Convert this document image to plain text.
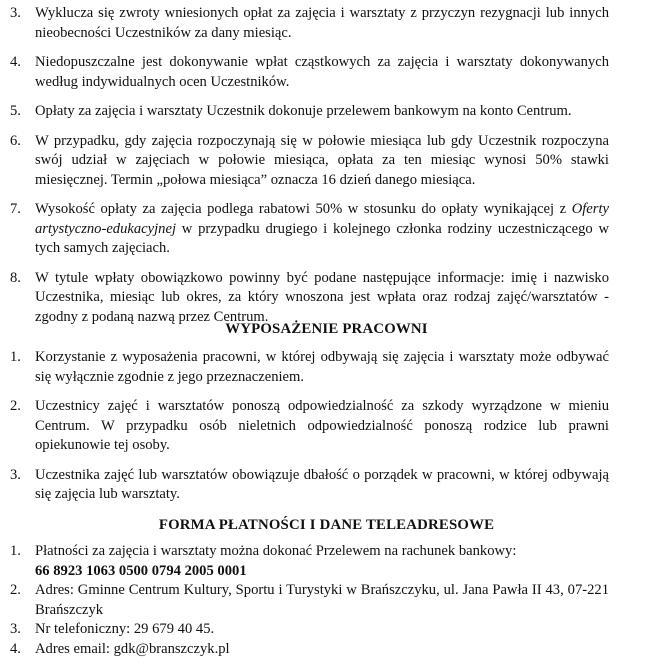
3. Wyklucza się zwroty wniesionych opłat za zajęcia i warsztaty z przyczyn rezygnacji lub innych nieobecności Uczestników za dany miesiąc.
4. Niedopuszczalne jest dokonywanie wpłat cząstkowych za zajęcia i warsztaty dokonywanych według indywidualnych ocen Uczestników.
5. Opłaty za zajęcia i warsztaty Uczestnik dokonuje przelewem bankowym na konto Centrum.
6. W przypadku, gdy zajęcia rozpoczynają się w połowie miesiąca lub gdy Uczestnik rozpoczyna swój udział w zajęciach w połowie miesiąca, opłata za ten miesiąc wynosi 50% stawki miesięcznej. Termin „połowa miesiąca” oznacza 16 dzień danego miesiąca.
7. Wysokość opłaty za zajęcia podlega rabatowi 50% w stosunku do opłaty wynikającej z Oferty artystyczno-edukacyjnej w przypadku drugiego i kolejnego członka rodziny uczestniczącego w tych samych zajęciach.
8. W tytule wpłaty obowiązkowo powinny być podane następujące informacje: imię i nazwisko Uczestnika, miesiąc lub okres, za który wnoszona jest wpłata oraz rodzaj zajęć/warsztatów - zgodny z podaną nazwą przez Centrum.
WYPOSAŻENIE PRACOWNI
1. Korzystanie z wyposażenia pracowni, w której odbywają się zajęcia i warsztaty może odbywać się wyłącznie zgodnie z jego przeznaczeniem.
2. Uczestnicy zajęć i warsztatów ponoszą odpowiedzialność za szkody wyrządzone w mieniu Centrum. W przypadku osób nieletnich odpowiedzialność ponoszą rodzice lub prawni opiekunowie tej osoby.
3. Uczestnika zajęć lub warsztatów obowiązuje dbałość o porządek w pracowni, w której odbywają się zajęcia lub warsztaty.
FORMA PŁATNOŚCI I DANE TELEADRESOWE
1. Płatności za zajęcia i warsztaty można dokonać Przelewem na rachunek bankowy:
66 8923 1063 0500 0794 2005 0001
2. Adres: Gminne Centrum Kultury, Sportu i Turystyki w Brańszczyku, ul. Jana Pawła II 43, 07-221 Brańszczyk
3. Nr telefoniczny: 29 679 40 45.
4. Adres email: gdk@branszczyk.pl
